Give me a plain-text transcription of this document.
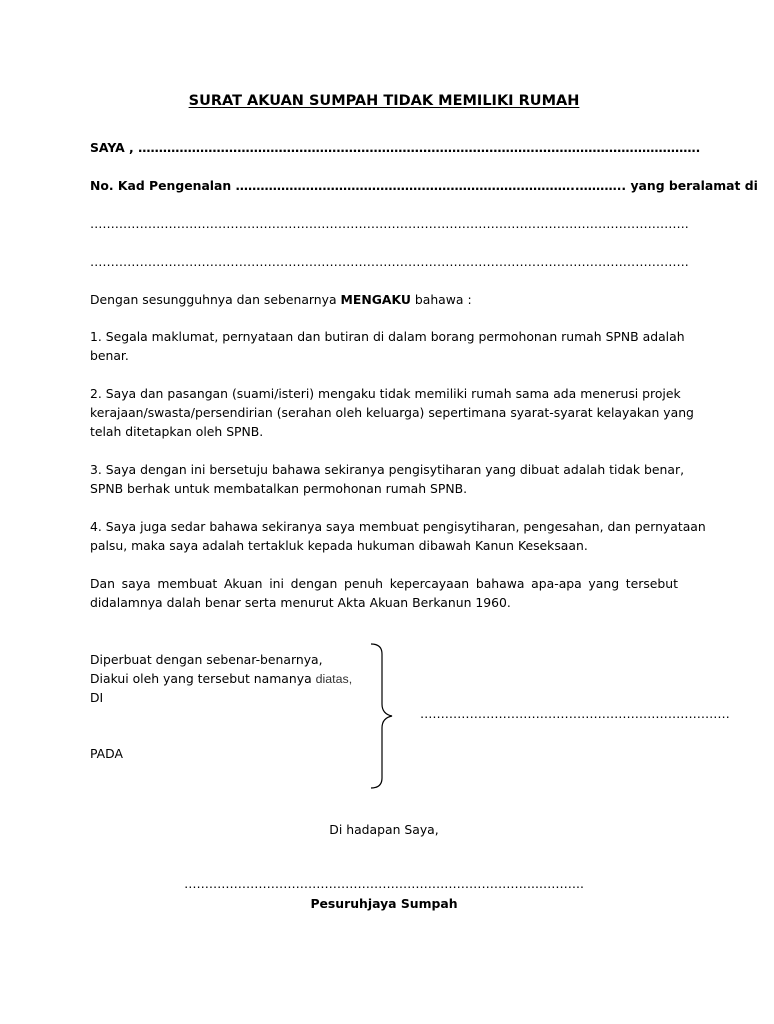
SURAT AKUAN SUMPAH TIDAK MEMILIKI RUMAH
SAYA , ……………………………………………………………………………………………………………………….
No. Kad Pengenalan ………………………………………………………………………..……….. yang beralamat di
……………………………………………………………………………………………………………………………….
……………………………………………………………………………………………………………………………….
Dengan sesungguhnya dan sebenarnya MENGAKU bahawa :
1. Segala maklumat, pernyataan dan butiran di dalam borang permohonan rumah SPNB adalah
benar.
2. Saya dan pasangan (suami/isteri) mengaku tidak memiliki rumah sama ada menerusi projek
kerajaan/swasta/persendirian (serahan oleh keluarga) sepertimana syarat-syarat kelayakan yang
telah ditetapkan oleh SPNB.
3. Saya dengan ini bersetuju bahawa sekiranya pengisytiharan yang dibuat adalah tidak benar,
SPNB berhak untuk membatalkan permohonan rumah SPNB.
4. Saya juga sedar bahawa sekiranya saya membuat pengisytiharan, pengesahan, dan pernyataan
palsu, maka saya adalah tertakluk kepada hukuman dibawah Kanun Keseksaan.
Dan saya membuat Akuan ini dengan penuh kepercayaan bahawa apa-apa yang tersebut
didalamnya dalah benar serta menurut Akta Akuan Berkanun 1960.
Diperbuat dengan sebenar-benarnya,
Diakui oleh yang tersebut namanya diatas,
DI
PADA
…………………………………………………………………
Di hadapan Saya,
…………………………………………………………………………..………..
Pesuruhjaya Sumpah
